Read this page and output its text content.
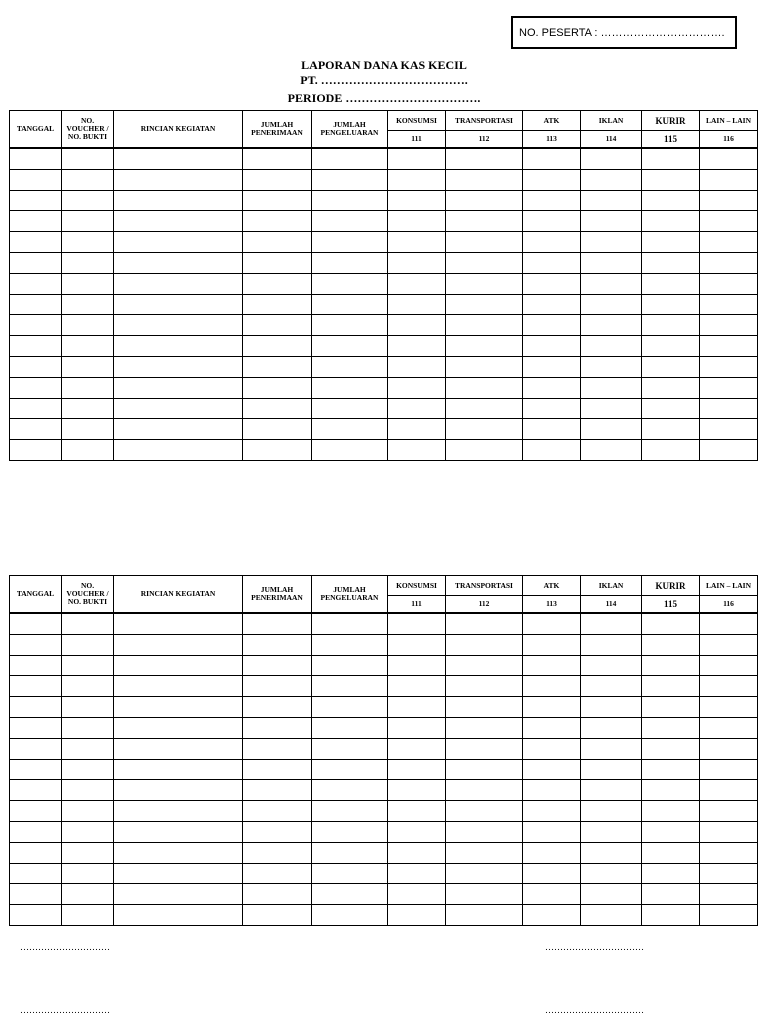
NO. PESERTA : …………………………….
LAPORAN DANA KAS KECIL
PT. ……………………………….
PERIODE …………………………….
TANGGAL	NO. VOUCHER / NO. BUKTI	RINCIAN KEGIATAN	JUMLAH PENERIMAAN	JUMLAH PENGELUARAN	KONSUMSI	TRANSPORTASI	ATK	IKLAN	KURIR	LAIN – LAIN
					111	112	113	114	115	116

TANGGAL	NO. VOUCHER / NO. BUKTI	RINCIAN KEGIATAN	JUMLAH PENERIMAAN	JUMLAH PENGELUARAN	KONSUMSI	TRANSPORTASI	ATK	IKLAN	KURIR	LAIN – LAIN
					111	112	113	114	115	116

…………………………	……………………………
…………………………	……………………………
